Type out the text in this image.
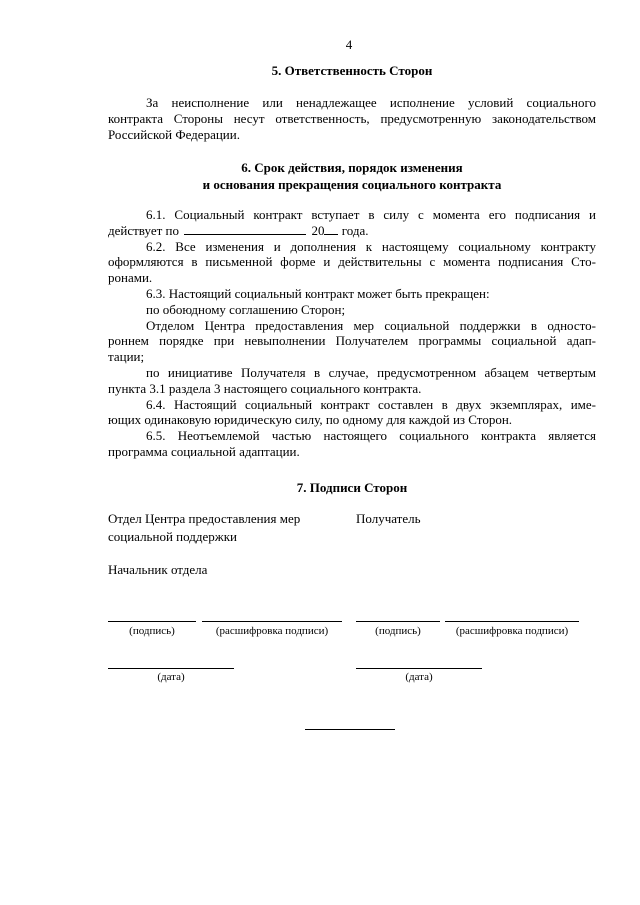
4
5. Ответственность Сторон
За неисполнение или ненадлежащее исполнение условий социального
контракта Стороны несут ответственность, предусмотренную законодательством
Российской Федерации.
6. Срок действия, порядок изменения
и основания прекращения социального контракта
6.1. Социальный контракт вступает в силу с момента его подписания и
действует по	20 года.
6.2. Все изменения и дополнения к настоящему социальному контракту
оформляются в письменной форме и действительны с момента подписания Сто-
ронами.
6.3. Настоящий социальный контракт может быть прекращен:
по обоюдному соглашению Сторон;
Отделом Центра предоставления мер социальной поддержки в односто-
роннем порядке при невыполнении Получателем программы социальной адап-
тации;
по инициативе Получателя в случае, предусмотренном абзацем четвертым
пункта 3.1 раздела 3 настоящего социального контракта.
6.4. Настоящий социальный контракт составлен в двух экземплярах, име-
ющих одинаковую юридическую силу, по одному для каждой из Сторон.
6.5. Неотъемлемой частью настоящего социального контракта является
программа социальной адаптации.
7. Подписи Сторон
Отдел Центра предоставления мер
социальной поддержки
Получатель
Начальник отдела
(подпись)	(расшифровка подписи)	(подпись)	(расшифровка подписи)
(дата)	(дата)
